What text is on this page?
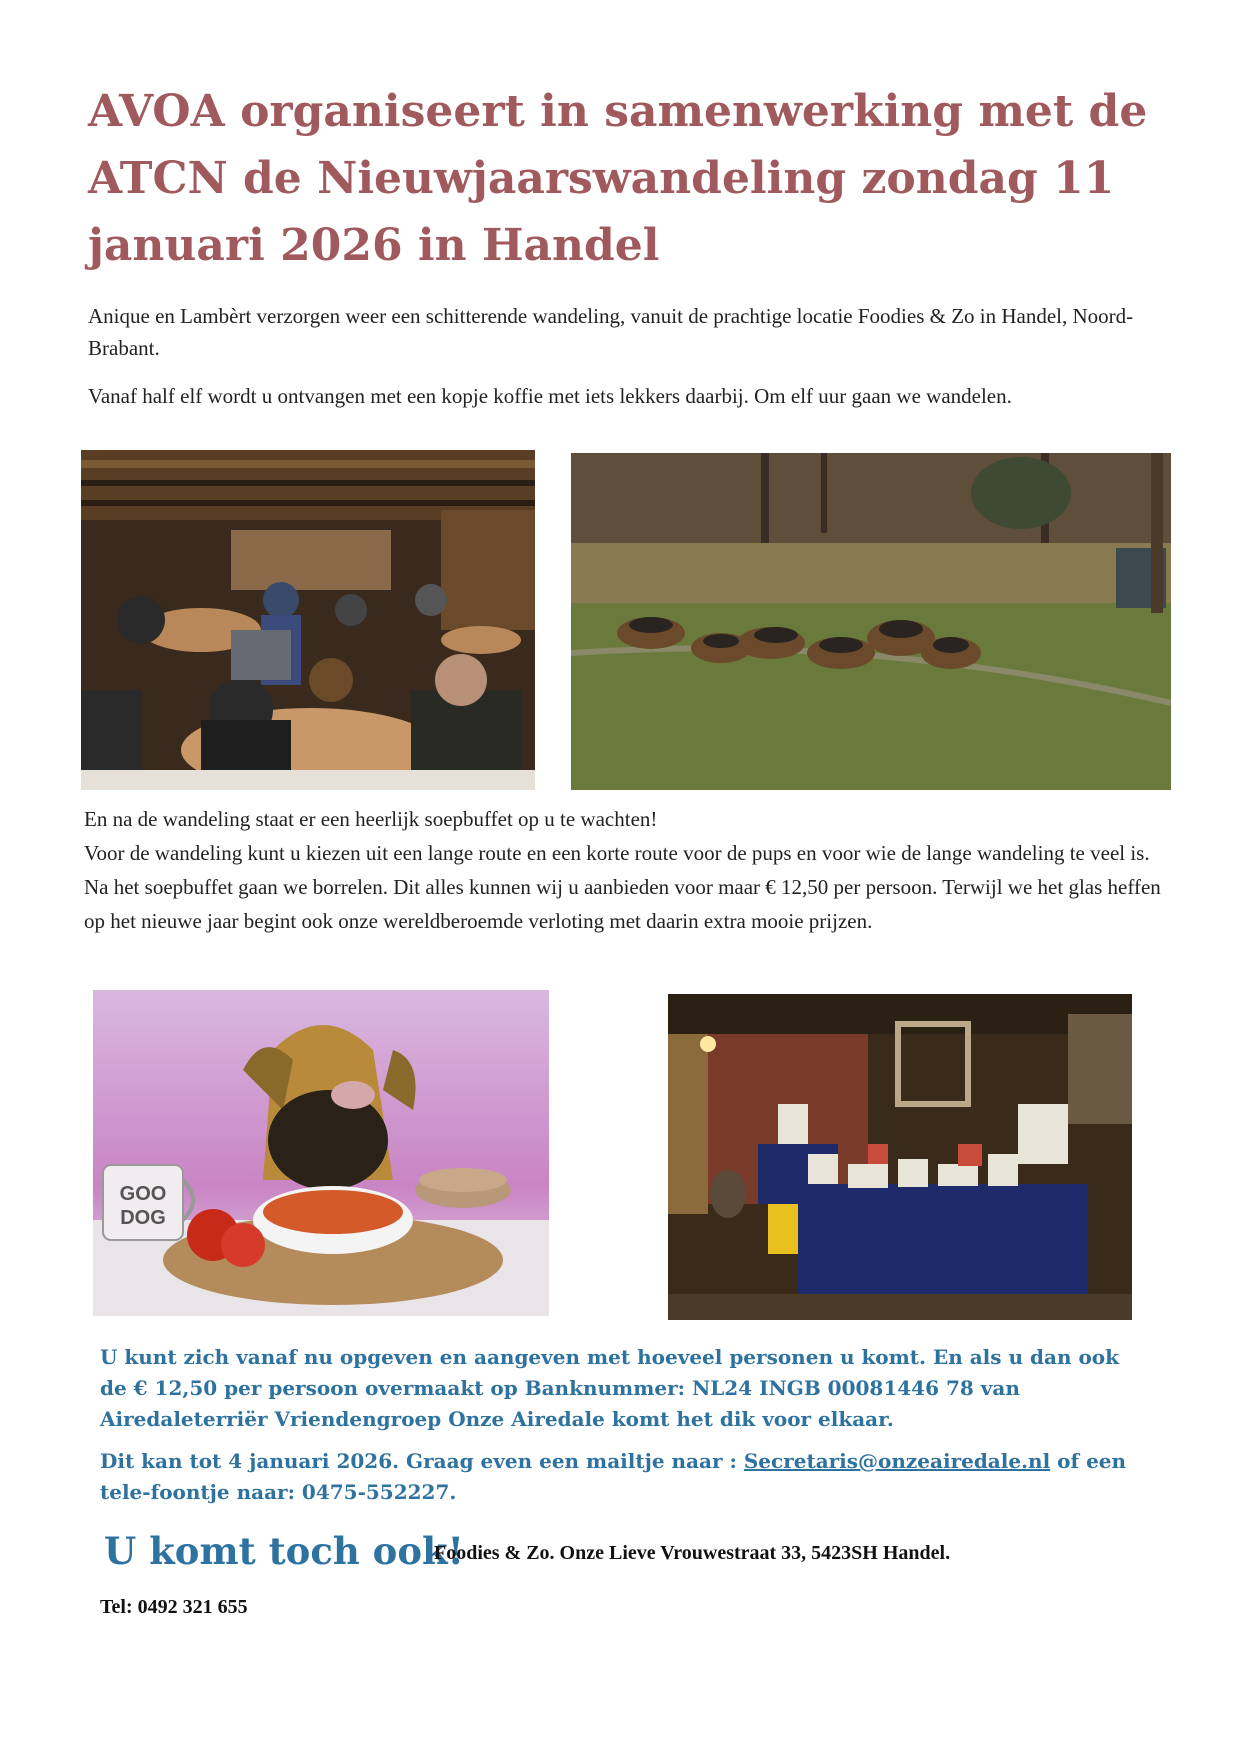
AVOA organiseert in samenwerking met de ATCN de Nieuwjaarswandeling zondag 11 januari 2026 in Handel

Anique en Lambèrt verzorgen weer een schitterende wandeling, vanuit de prachtige locatie Foodies & Zo in Handel, Noord-Brabant.

Vanaf half elf wordt u ontvangen met een kopje koffie met iets lekkers daarbij. Om elf uur gaan we wandelen.

En na de wandeling staat er een heerlijk soepbuffet op u te wachten!
Voor de wandeling kunt u kiezen uit een lange route en een korte route voor de pups en voor wie de lange wandeling te veel is. Na het soepbuffet gaan we borrelen. Dit alles kunnen wij u aanbieden voor maar € 12,50 per persoon. Terwijl we het glas heffen op het nieuwe jaar begint ook onze wereldberoemde verloting met daarin extra mooie prijzen.

GOO
DOG

U kunt zich vanaf nu opgeven en aangeven met hoeveel personen u komt. En als u dan ook de € 12,50 per persoon overmaakt op Banknummer: NL24 INGB 00081446 78 van Airedaleterriër Vriendengroep Onze Airedale komt het dik voor elkaar.

Dit kan tot 4 januari 2026. Graag even een mailtje naar : Secretaris@onzeairedale.nl of een tele-foontje naar: 0475-552227.

U komt toch ook!
Foodies & Zo. Onze Lieve Vrouwestraat 33, 5423SH Handel.
Tel: 0492 321 655
